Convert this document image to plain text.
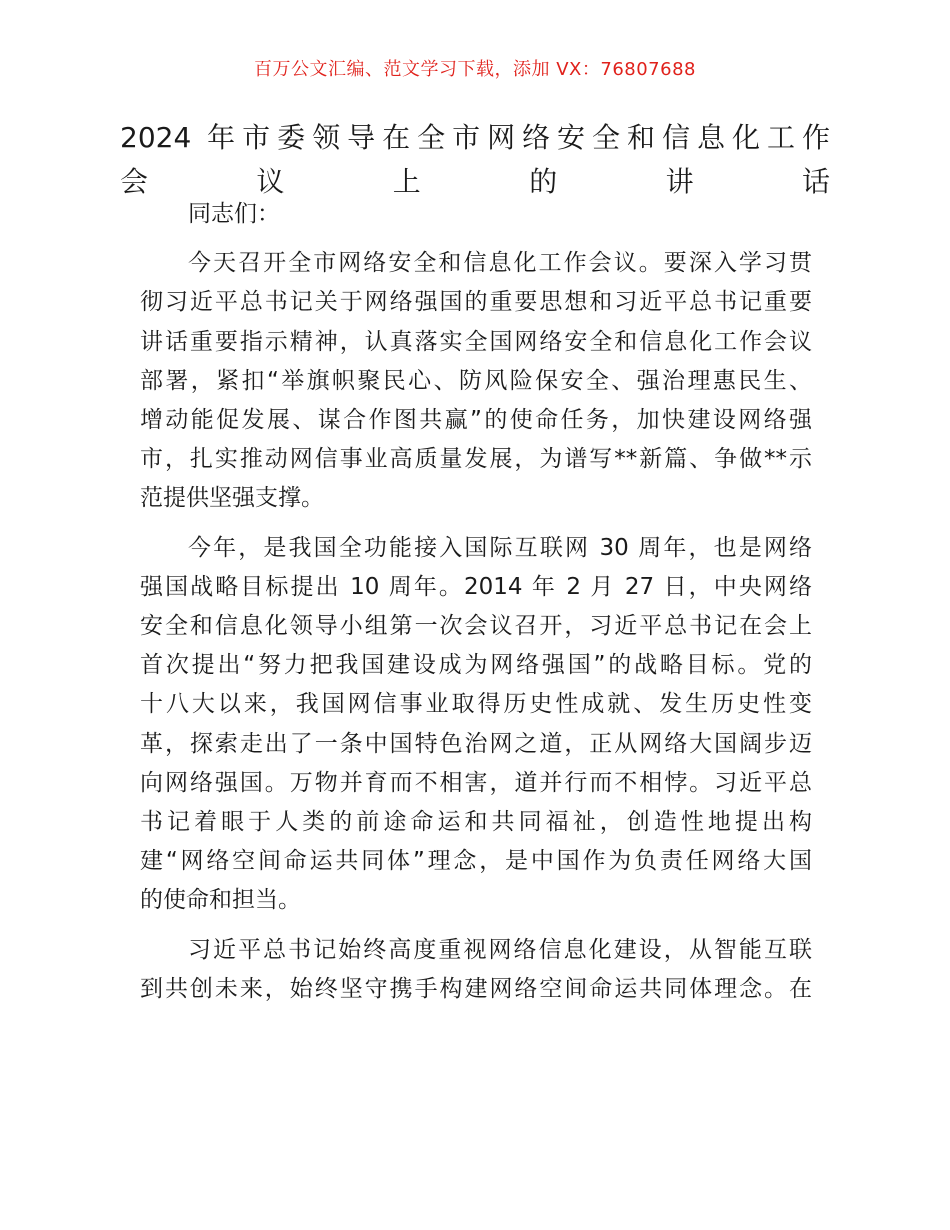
百万公文汇编、范文学习下载，添加 VX：76807688
2024 年市委领导在全市网络安全和信息化工作
会议上的讲话

同志们：

今天召开全市网络安全和信息化工作会议。要深入学习贯
彻习近平总书记关于网络强国的重要思想和习近平总书记重要
讲话重要指示精神，认真落实全国网络安全和信息化工作会议
部署，紧扣“举旗帜聚民心、防风险保安全、强治理惠民生、
增动能促发展、谋合作图共赢”的使命任务，加快建设网络强
市，扎实推动网信事业高质量发展，为谱写**新篇、争做**示
范提供坚强支撑。

今年，是我国全功能接入国际互联网 30 周年，也是网络
强国战略目标提出 10 周年。2014 年 2 月 27 日，中央网络
安全和信息化领导小组第一次会议召开，习近平总书记在会上
首次提出“努力把我国建设成为网络强国”的战略目标。党的
十八大以来，我国网信事业取得历史性成就、发生历史性变
革，探索走出了一条中国特色治网之道，正从网络大国阔步迈
向网络强国。万物并育而不相害，道并行而不相悖。习近平总
书记着眼于人类的前途命运和共同福祉，创造性地提出构
建“网络空间命运共同体”理念，是中国作为负责任网络大国
的使命和担当。

习近平总书记始终高度重视网络信息化建设，从智能互联
到共创未来，始终坚守携手构建网络空间命运共同体理念。在
